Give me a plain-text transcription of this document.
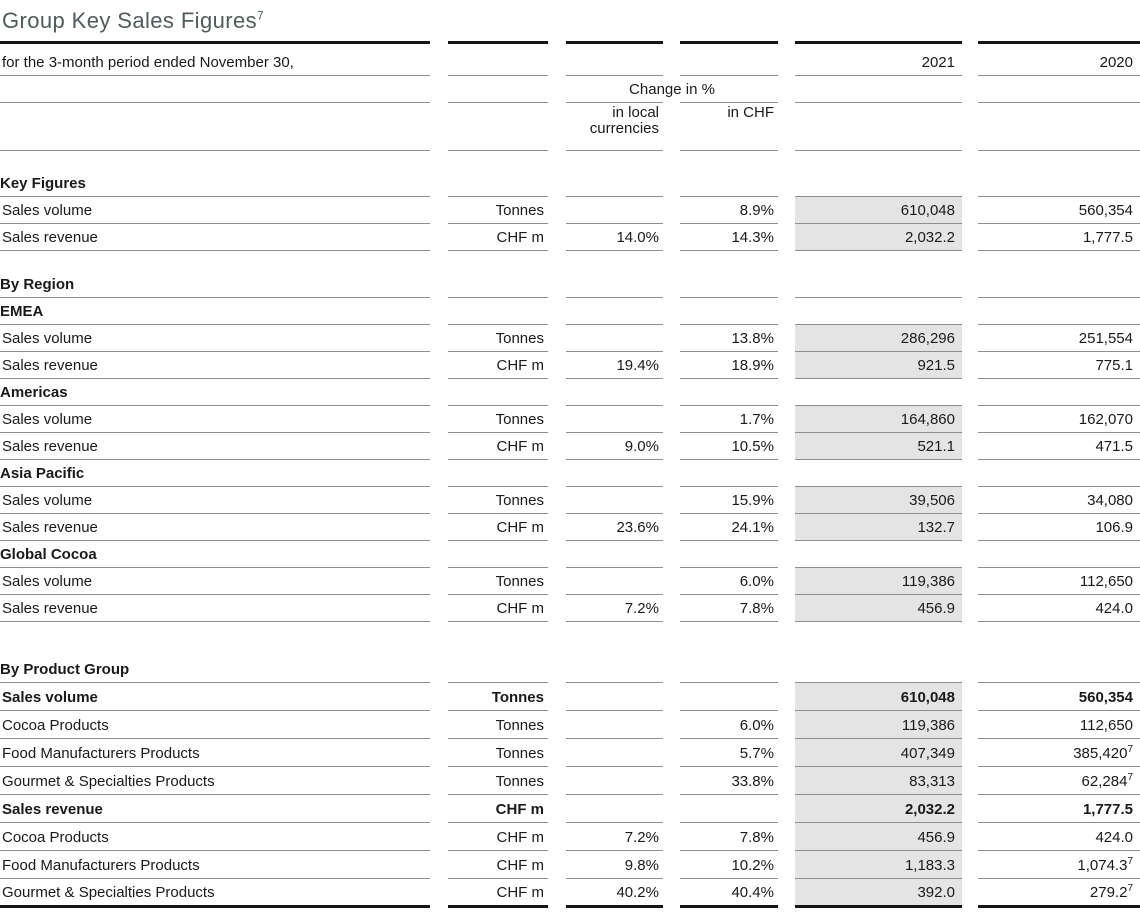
Group Key Sales Figures$^7$
for the 3-month period ended November 30,								2021		2020
				Change in %						
				in local currencies		in CHF				

Key Figures										
Sales volume		Tonnes				8.9%		610,048		560,354
Sales revenue		CHF m		14.0%		14.3%		2,032.2		1,777.5

By Region										
EMEA										
Sales volume		Tonnes				13.8%		286,296		251,554
Sales revenue		CHF m		19.4%		18.9%		921.5		775.1
Americas										
Sales volume		Tonnes				1.7%		164,860		162,070
Sales revenue		CHF m		9.0%		10.5%		521.1		471.5
Asia Pacific										
Sales volume		Tonnes				15.9%		39,506		34,080
Sales revenue		CHF m		23.6%		24.1%		132.7		106.9
Global Cocoa										
Sales volume		Tonnes				6.0%		119,386		112,650
Sales revenue		CHF m		7.2%		7.8%		456.9		424.0

By Product Group										
Sales volume		Tonnes						610,048		560,354
Cocoa Products		Tonnes				6.0%		119,386		112,650
Food Manufacturers Products		Tonnes				5.7%		407,349		385,420$^7$
Gourmet & Specialties Products		Tonnes				33.8%		83,313		62,284$^7$
Sales revenue		CHF m						2,032.2		1,777.5
Cocoa Products		CHF m		7.2%		7.8%		456.9		424.0
Food Manufacturers Products		CHF m		9.8%		10.2%		1,183.3		1,074.3$^7$
Gourmet & Specialties Products		CHF m		40.2%		40.4%		392.0		279.2$^7$
